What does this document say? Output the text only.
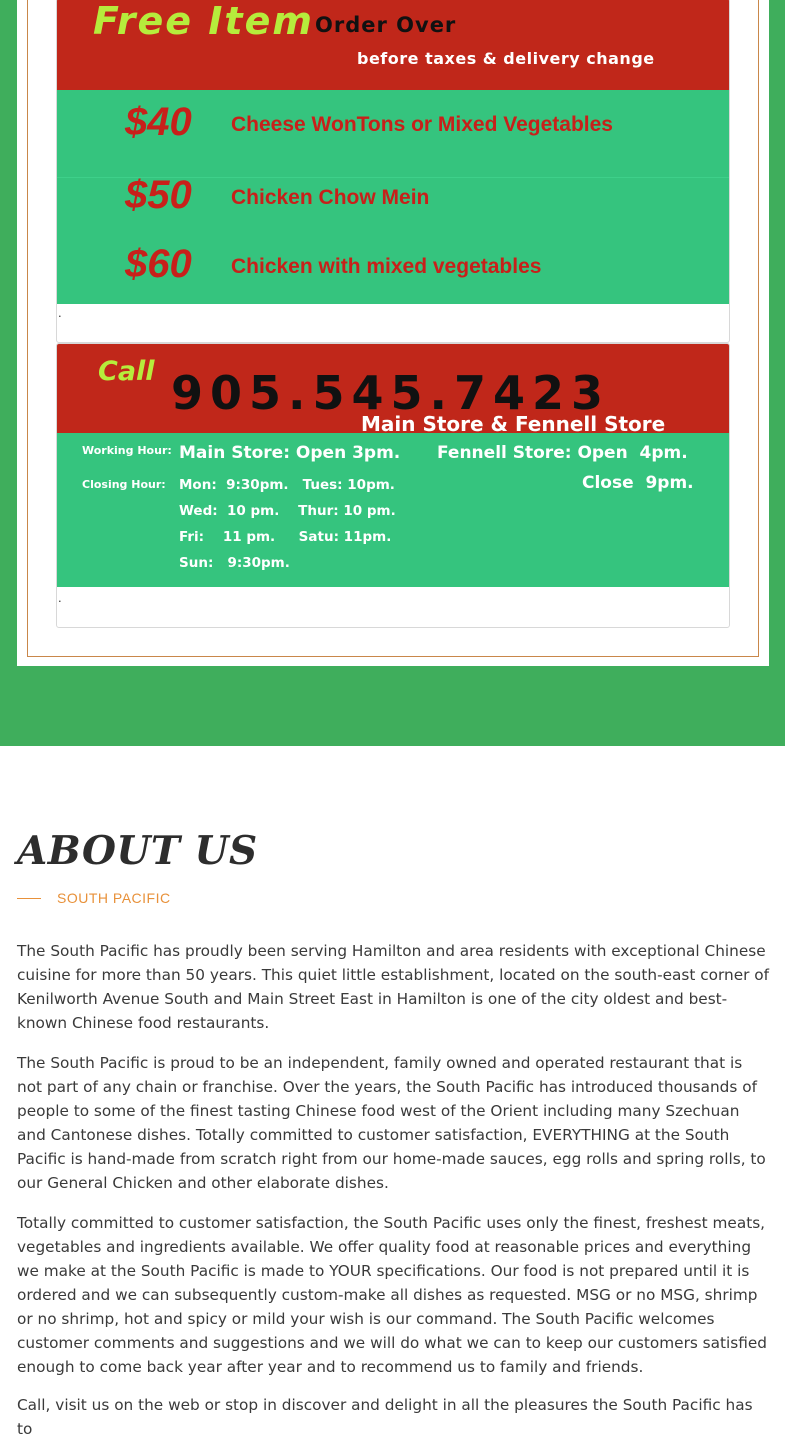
Free Item Order Over
before taxes & delivery change
$40 Cheese WonTons or Mixed Vegetables
$50 Chicken Chow Mein
$60 Chicken with mixed vegetables
.
Call 905.545.7423
Main Store & Fennell Store
Working Hour: Main Store: Open 3pm. Fennell Store: Open  4pm.
Closing Hour: Mon:  9:30pm.   Tues: 10pm.	Close  9pm.
Wed:  10 pm.    Thur: 10 pm.
Fri:    11 pm.     Satu: 11pm.
Sun:   9:30pm.
.
ABOUT US
SOUTH PACIFIC

The South Pacific has proudly been serving Hamilton and area residents with exceptional Chinese cuisine for more than 50 years. This quiet little establishment, located on the south-east corner of Kenilworth Avenue South and Main Street East in Hamilton is one of the city oldest and best-known Chinese food restaurants.

The South Pacific is proud to be an independent, family owned and operated restaurant that is not part of any chain or franchise. Over the years, the South Pacific has introduced thousands of people to some of the finest tasting Chinese food west of the Orient including many Szechuan and Cantonese dishes. Totally committed to customer satisfaction, EVERYTHING at the South Pacific is hand-made from scratch right from our home-made sauces, egg rolls and spring rolls, to our General Chicken and other elaborate dishes.

Totally committed to customer satisfaction, the South Pacific uses only the finest, freshest meats, vegetables and ingredients available. We offer quality food at reasonable prices and everything we make at the South Pacific is made to YOUR specifications. Our food is not prepared until it is ordered and we can subsequently custom-make all dishes as requested. MSG or no MSG, shrimp or no shrimp, hot and spicy or mild your wish is our command. The South Pacific welcomes customer comments and suggestions and we will do what we can to keep our customers satisfied enough to come back year after year and to recommend us to family and friends.

Call, visit us on the web or stop in discover and delight in all the pleasures the South Pacific has to
